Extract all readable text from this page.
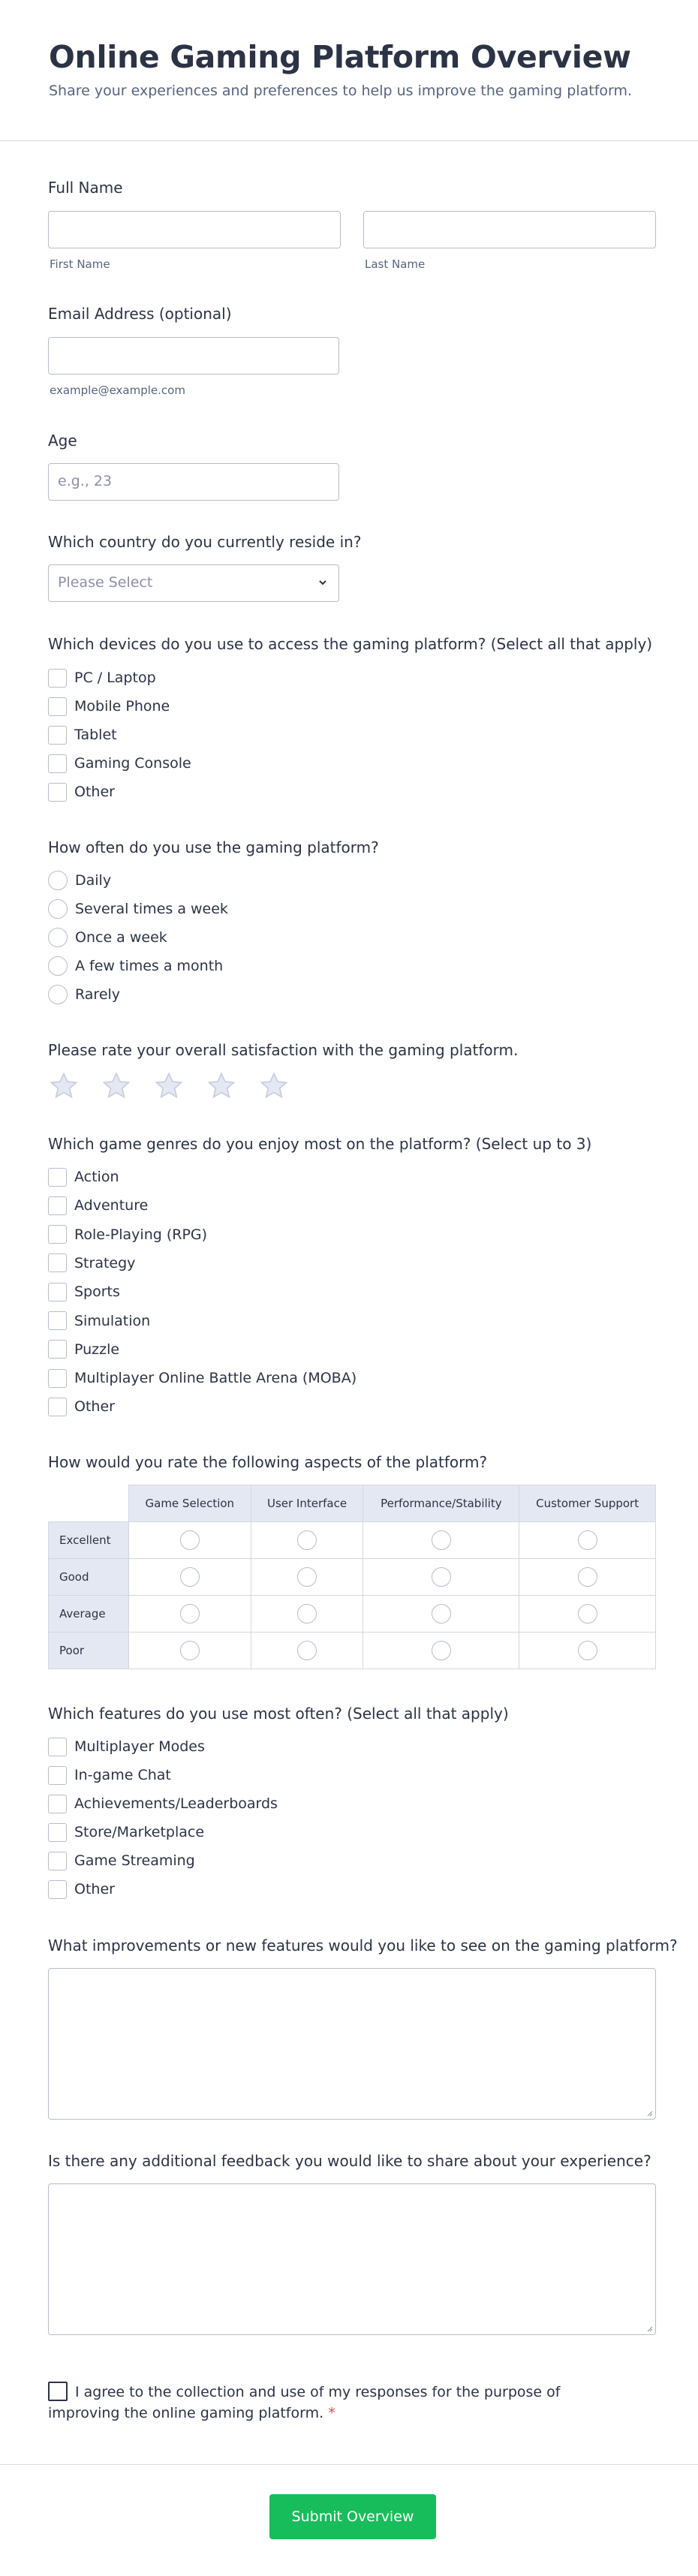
Online Gaming Platform Overview

Share your experiences and preferences to help us improve the gaming platform.

Full Name
First Name	Last Name
Email Address (optional)
example@example.com
Age
e.g., 23
Which country do you currently reside in?
Please Select
Which devices do you use to access the gaming platform? (Select all that apply)
PC / Laptop
Mobile Phone
Tablet
Gaming Console
Other
How often do you use the gaming platform?
Daily
Several times a week
Once a week
A few times a month
Rarely
Please rate your overall satisfaction with the gaming platform.
Which game genres do you enjoy most on the platform? (Select up to 3)
Action
Adventure
Role-Playing (RPG)
Strategy
Sports
Simulation
Puzzle
Multiplayer Online Battle Arena (MOBA)
Other
How would you rate the following aspects of the platform?
	Game Selection	User Interface	Performance/Stability	Customer Support
Excellent				
Good				
Average				
Poor				
Which features do you use most often? (Select all that apply)
Multiplayer Modes
In-game Chat
Achievements/Leaderboards
Store/Marketplace
Game Streaming
Other
What improvements or new features would you like to see on the gaming platform?
Is there any additional feedback you would like to share about your experience?
I agree to the collection and use of my responses for the purpose of
improving the online gaming platform. *
Submit Overview
